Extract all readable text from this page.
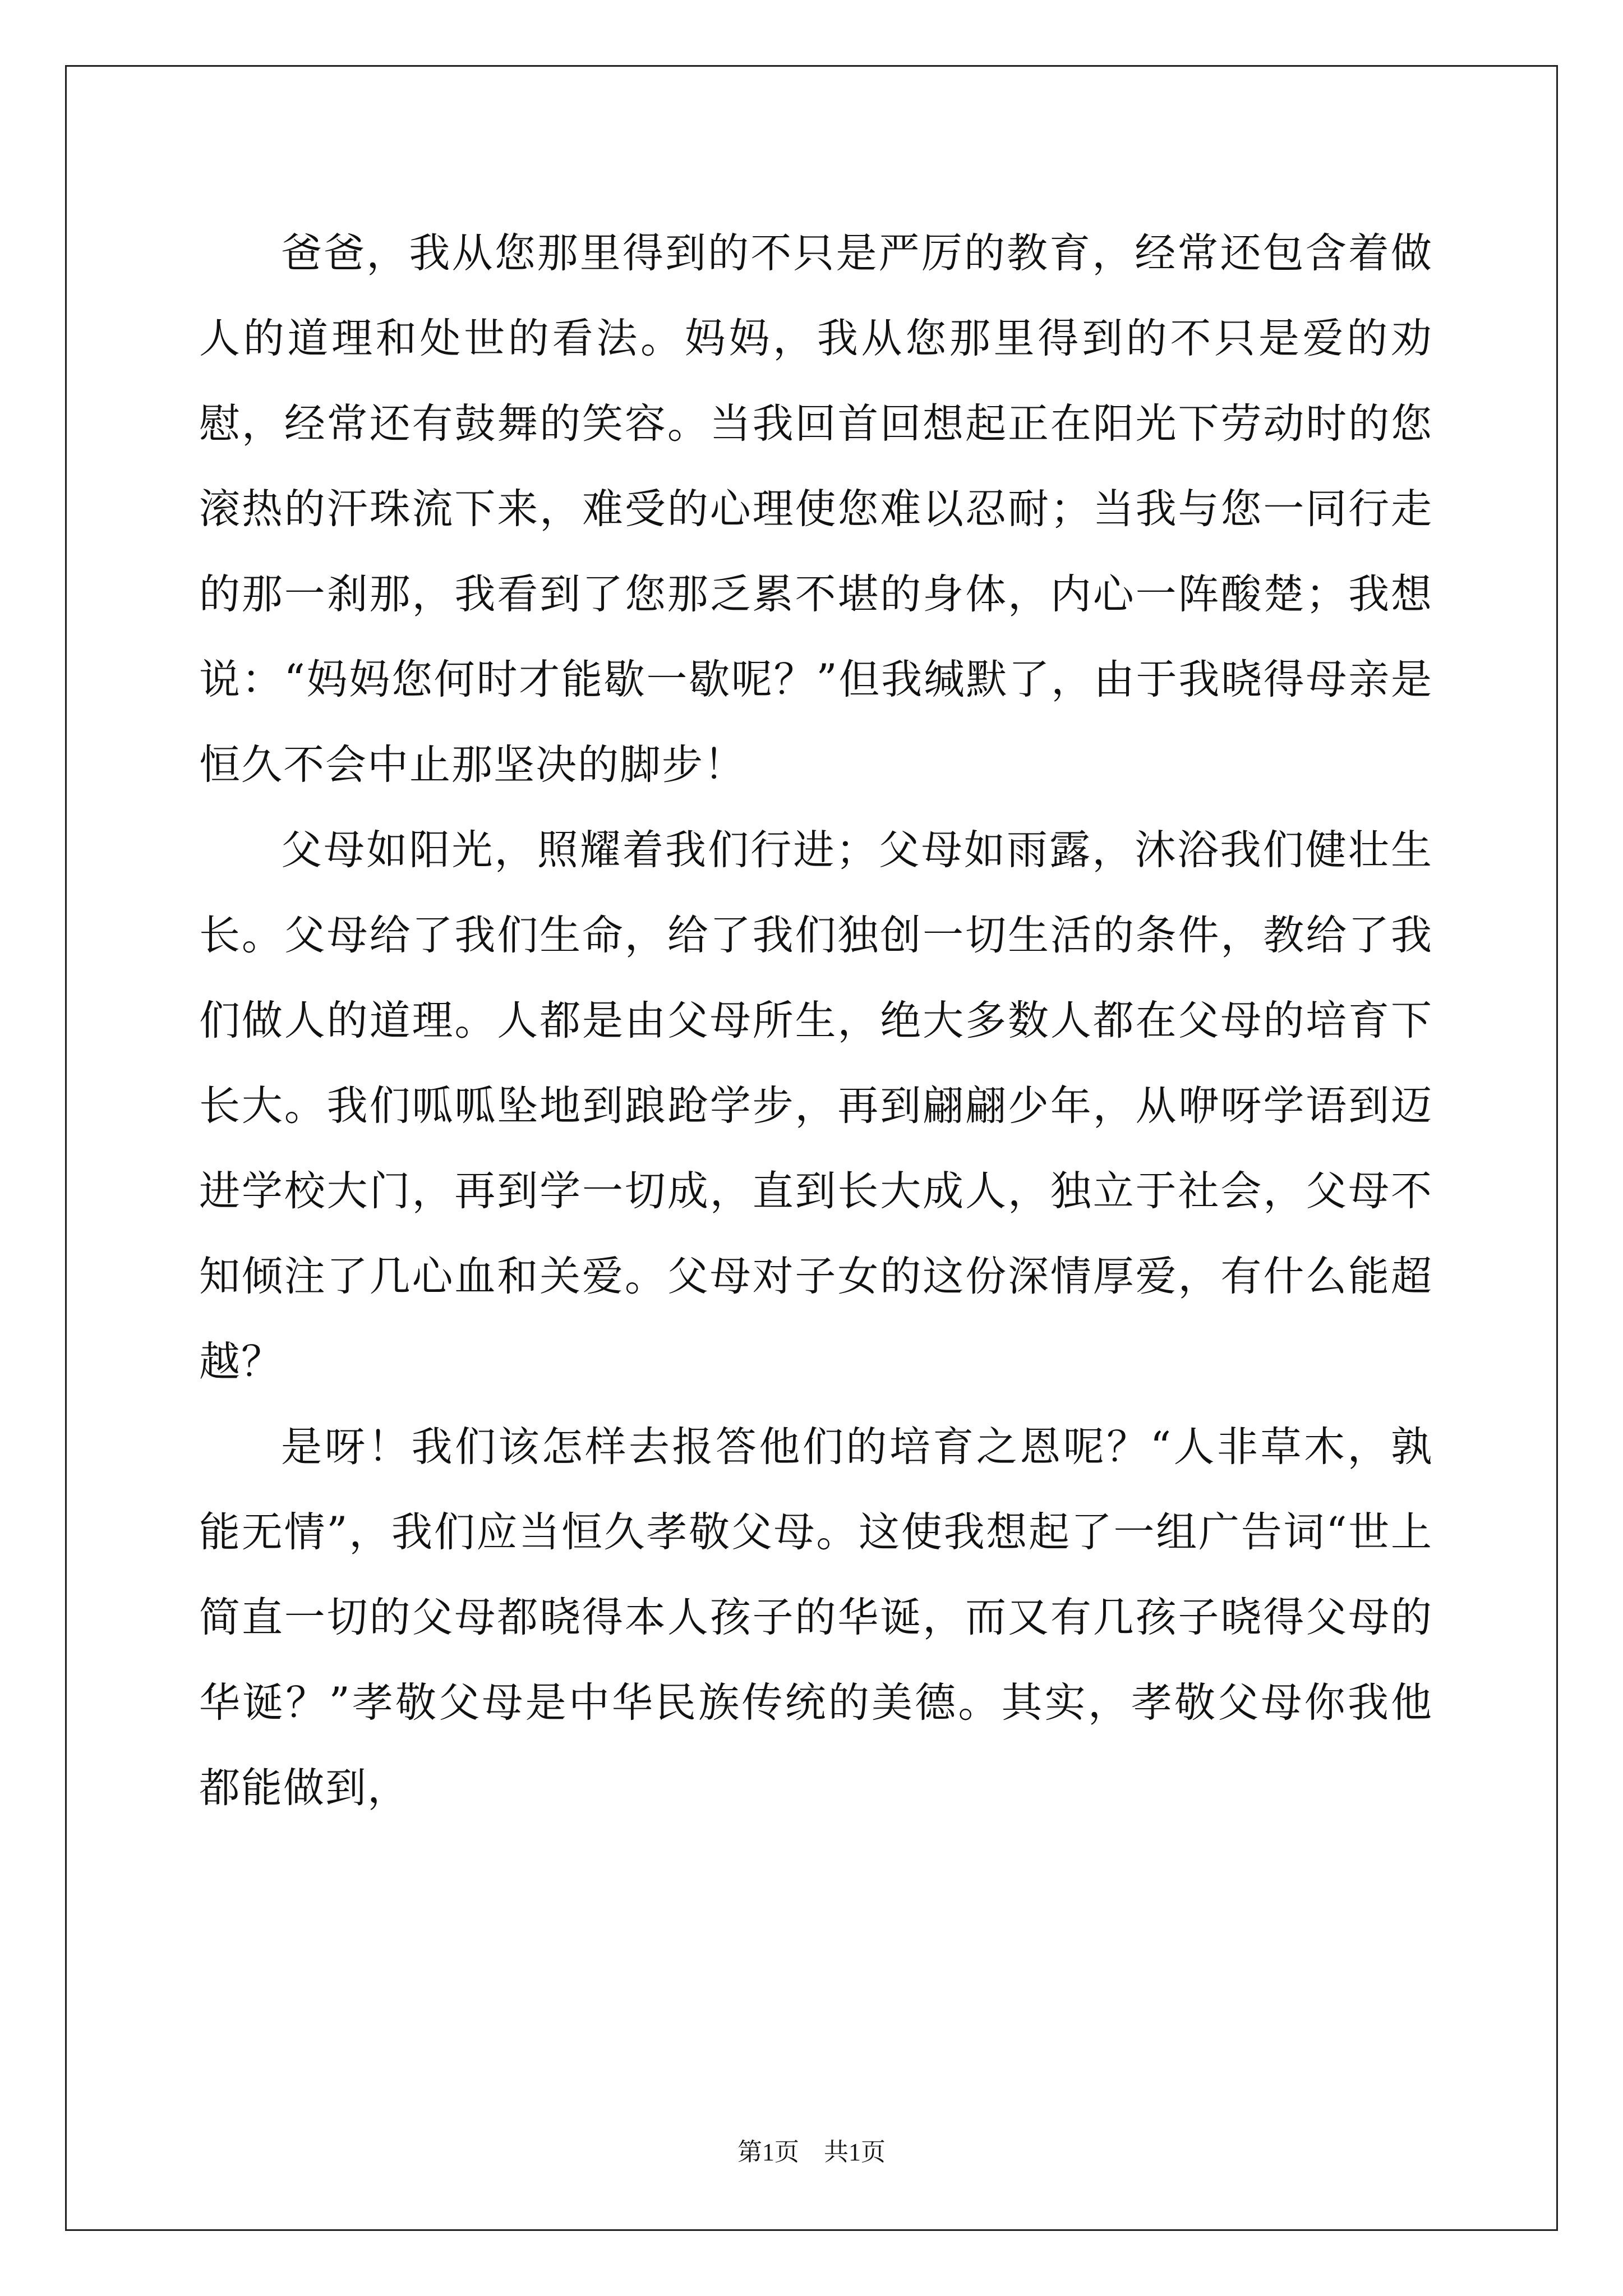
爸爸，我从您那里得到的不只是严厉的教育，经常还包含着做人的道理和处世的看法。妈妈，我从您那里得到的不只是爱的劝慰，经常还有鼓舞的笑容。当我回首回想起正在阳光下劳动时的您滚热的汗珠流下来，难受的心理使您难以忍耐；当我与您一同行走的那一刹那，我看到了您那乏累不堪的身体，内心一阵酸楚；我想说：“妈妈您何时才能歇一歇呢？”但我缄默了，由于我晓得母亲是恒久不会中止那坚决的脚步！

父母如阳光，照耀着我们行进；父母如雨露，沐浴我们健壮生长。父母给了我们生命，给了我们独创一切生活的条件，教给了我们做人的道理。人都是由父母所生，绝大多数人都在父母的培育下长大。我们呱呱坠地到踉跄学步，再到翩翩少年，从咿呀学语到迈进学校大门，再到学一切成，直到长大成人，独立于社会，父母不知倾注了几心血和关爱。父母对子女的这份深情厚爱，有什么能超越？

是呀！我们该怎样去报答他们的培育之恩呢？“人非草木，孰能无情”，我们应当恒久孝敬父母。这使我想起了一组广告词“世上简直一切的父母都晓得本人孩子的华诞，而又有几孩子晓得父母的华诞？”孝敬父母是中华民族传统的美德。其实，孝敬父母你我他都能做到，

第1页 共1页
